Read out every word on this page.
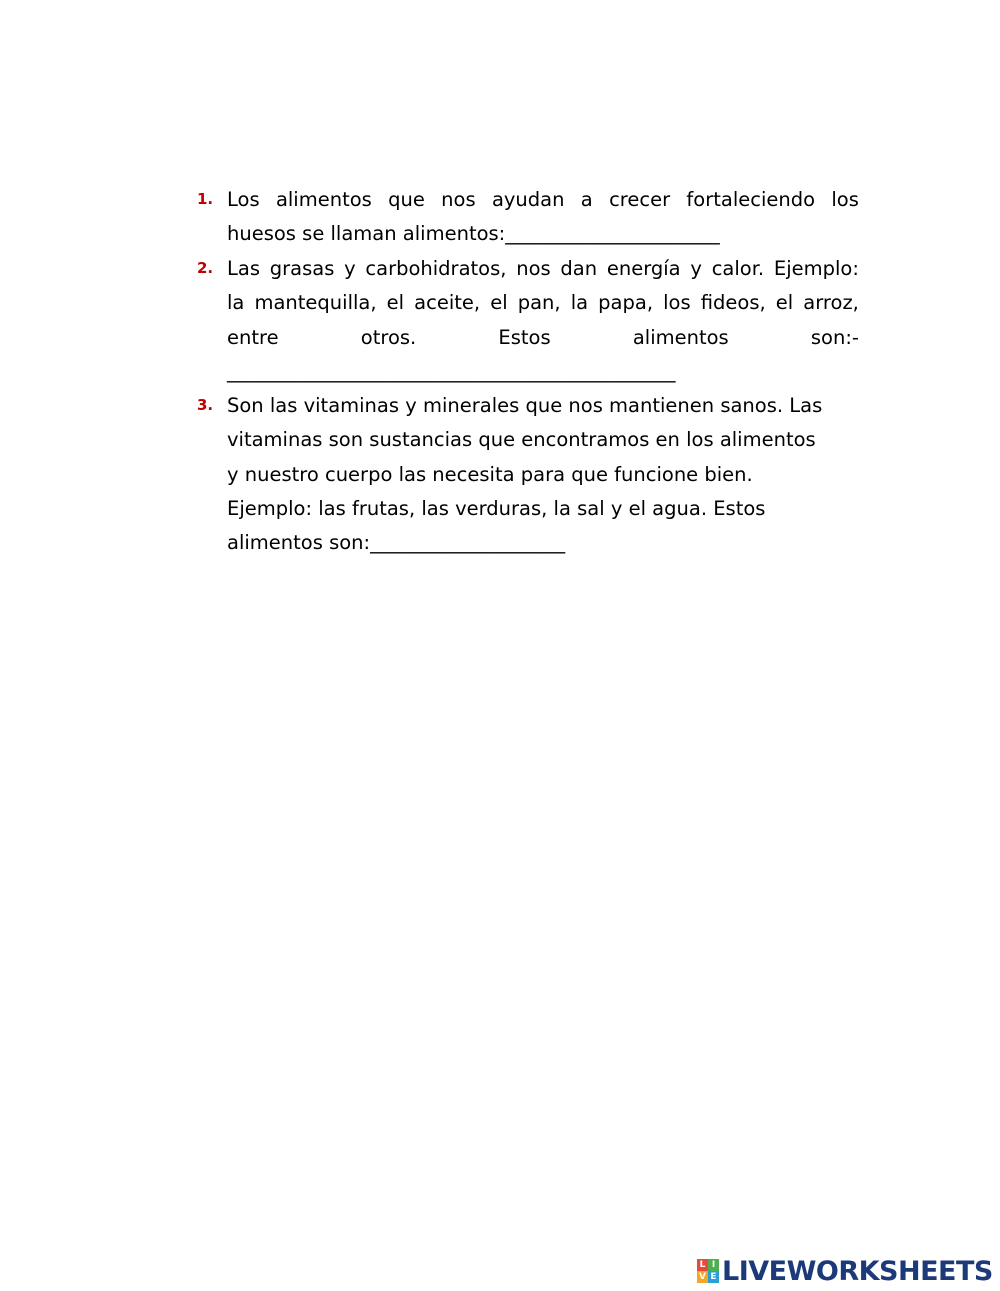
1. Los alimentos que nos ayudan a crecer fortaleciendo los
huesos se llaman alimentos:______________________
2. Las grasas y carbohidratos, nos dan energía y calor. Ejemplo:
la mantequilla, el aceite, el pan, la papa, los fideos, el arroz,
entre	otros.	Estos	alimentos	son:-
______________________________________________
3. Son las vitaminas y minerales que nos mantienen sanos. Las
vitaminas son sustancias que encontramos en los alimentos
y nuestro cuerpo las necesita para que funcione bien.
Ejemplo: las frutas, las verduras, la sal y el agua. Estos
alimentos son:____________________
L I
V E LIVEWORKSHEETS
